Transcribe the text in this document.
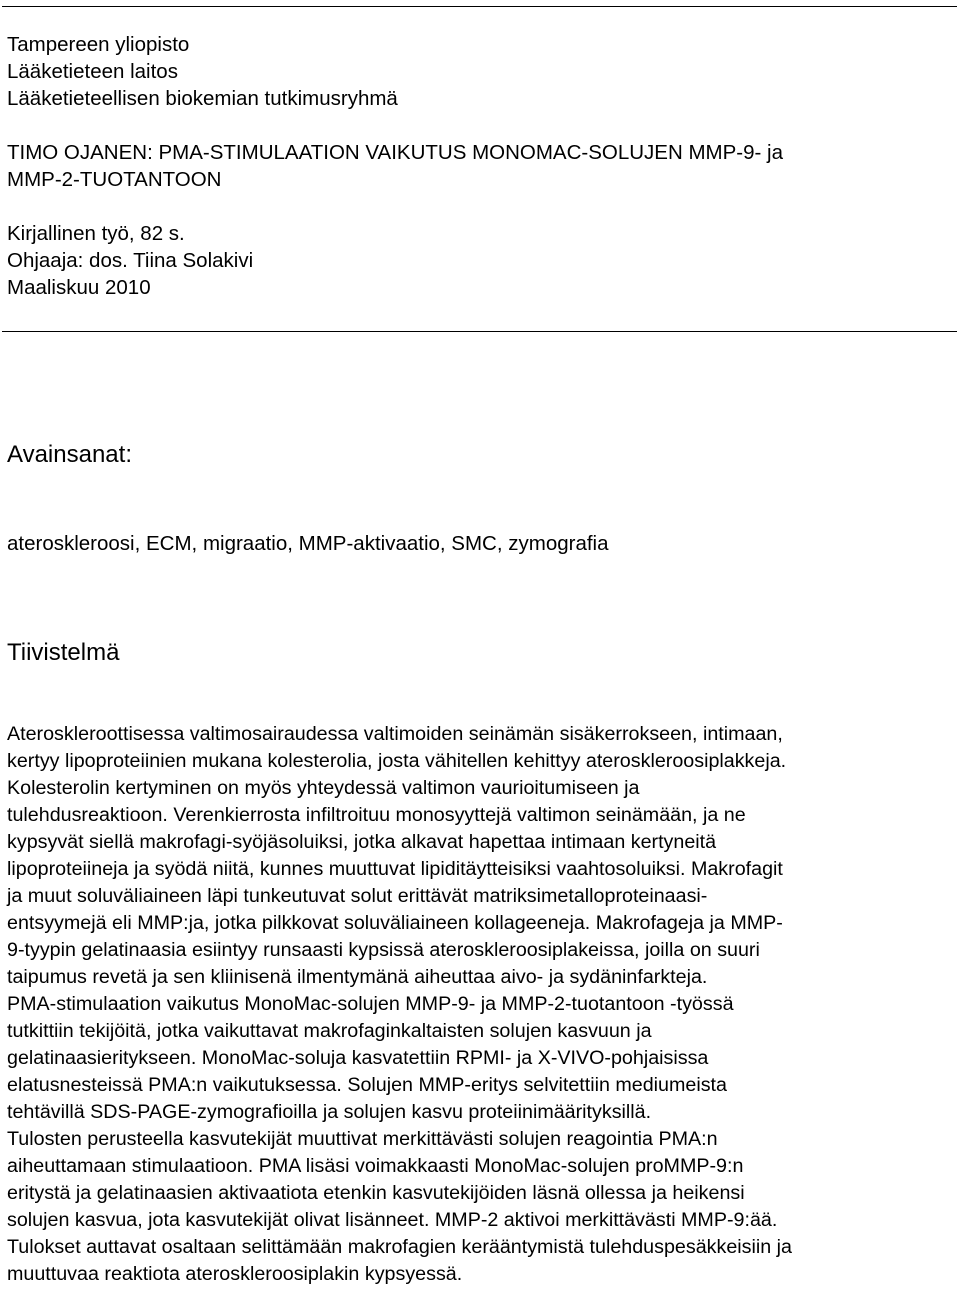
Tampereen yliopisto
Lääketieteen laitos
Lääketieteellisen biokemian tutkimusryhmä
TIMO OJANEN: PMA-STIMULAATION VAIKUTUS MONOMAC-SOLUJEN MMP-9- ja
MMP-2-TUOTANTOON
Kirjallinen työ, 82 s.
Ohjaaja: dos. Tiina Solakivi
Maaliskuu 2010
Avainsanat:
ateroskleroosi, ECM, migraatio, MMP-aktivaatio, SMC, zymografia
Tiivistelmä
Ateroskleroottisessa valtimosairaudessa valtimoiden seinämän sisäkerrokseen, intimaan,
kertyy lipoproteiinien mukana kolesterolia, josta vähitellen kehittyy ateroskleroosiplakkeja.
Kolesterolin kertyminen on myös yhteydessä valtimon vaurioitumiseen ja
tulehdusreaktioon. Verenkierrosta infiltroituu monosyyttejä valtimon seinämään, ja ne
kypsyvät siellä makrofagi-syöjäsoluiksi, jotka alkavat hapettaa intimaan kertyneitä
lipoproteiineja ja syödä niitä, kunnes muuttuvat lipiditäytteisiksi vaahtosoluiksi. Makrofagit
ja muut soluväliaineen läpi tunkeutuvat solut erittävät matriksimetalloproteinaasi-
entsyymejä eli MMP:ja, jotka pilkkovat soluväliaineen kollageeneja. Makrofageja ja MMP-
9-tyypin gelatinaasia esiintyy runsaasti kypsissä ateroskleroosiplakeissa, joilla on suuri
taipumus revetä ja sen kliinisenä ilmentymänä aiheuttaa aivo- ja sydäninfarkteja.
PMA-stimulaation vaikutus MonoMac-solujen MMP-9- ja MMP-2-tuotantoon -työssä
tutkittiin tekijöitä, jotka vaikuttavat makrofaginkaltaisten solujen kasvuun ja
gelatinaasieritykseen. MonoMac-soluja kasvatettiin RPMI- ja X-VIVO-pohjaisissa
elatusnesteissä PMA:n vaikutuksessa. Solujen MMP-eritys selvitettiin mediumeista
tehtävillä SDS-PAGE-zymografioilla ja solujen kasvu proteiinimäärityksillä.
Tulosten perusteella kasvutekijät muuttivat merkittävästi solujen reagointia PMA:n
aiheuttamaan stimulaatioon. PMA lisäsi voimakkaasti MonoMac-solujen proMMP-9:n
eritystä ja gelatinaasien aktivaatiota etenkin kasvutekijöiden läsnä ollessa ja heikensi
solujen kasvua, jota kasvutekijät olivat lisänneet. MMP-2 aktivoi merkittävästi MMP-9:ää.
Tulokset auttavat osaltaan selittämään makrofagien kerääntymistä tulehduspesäkkeisiin ja
muuttuvaa reaktiota ateroskleroosiplakin kypsyessä.
